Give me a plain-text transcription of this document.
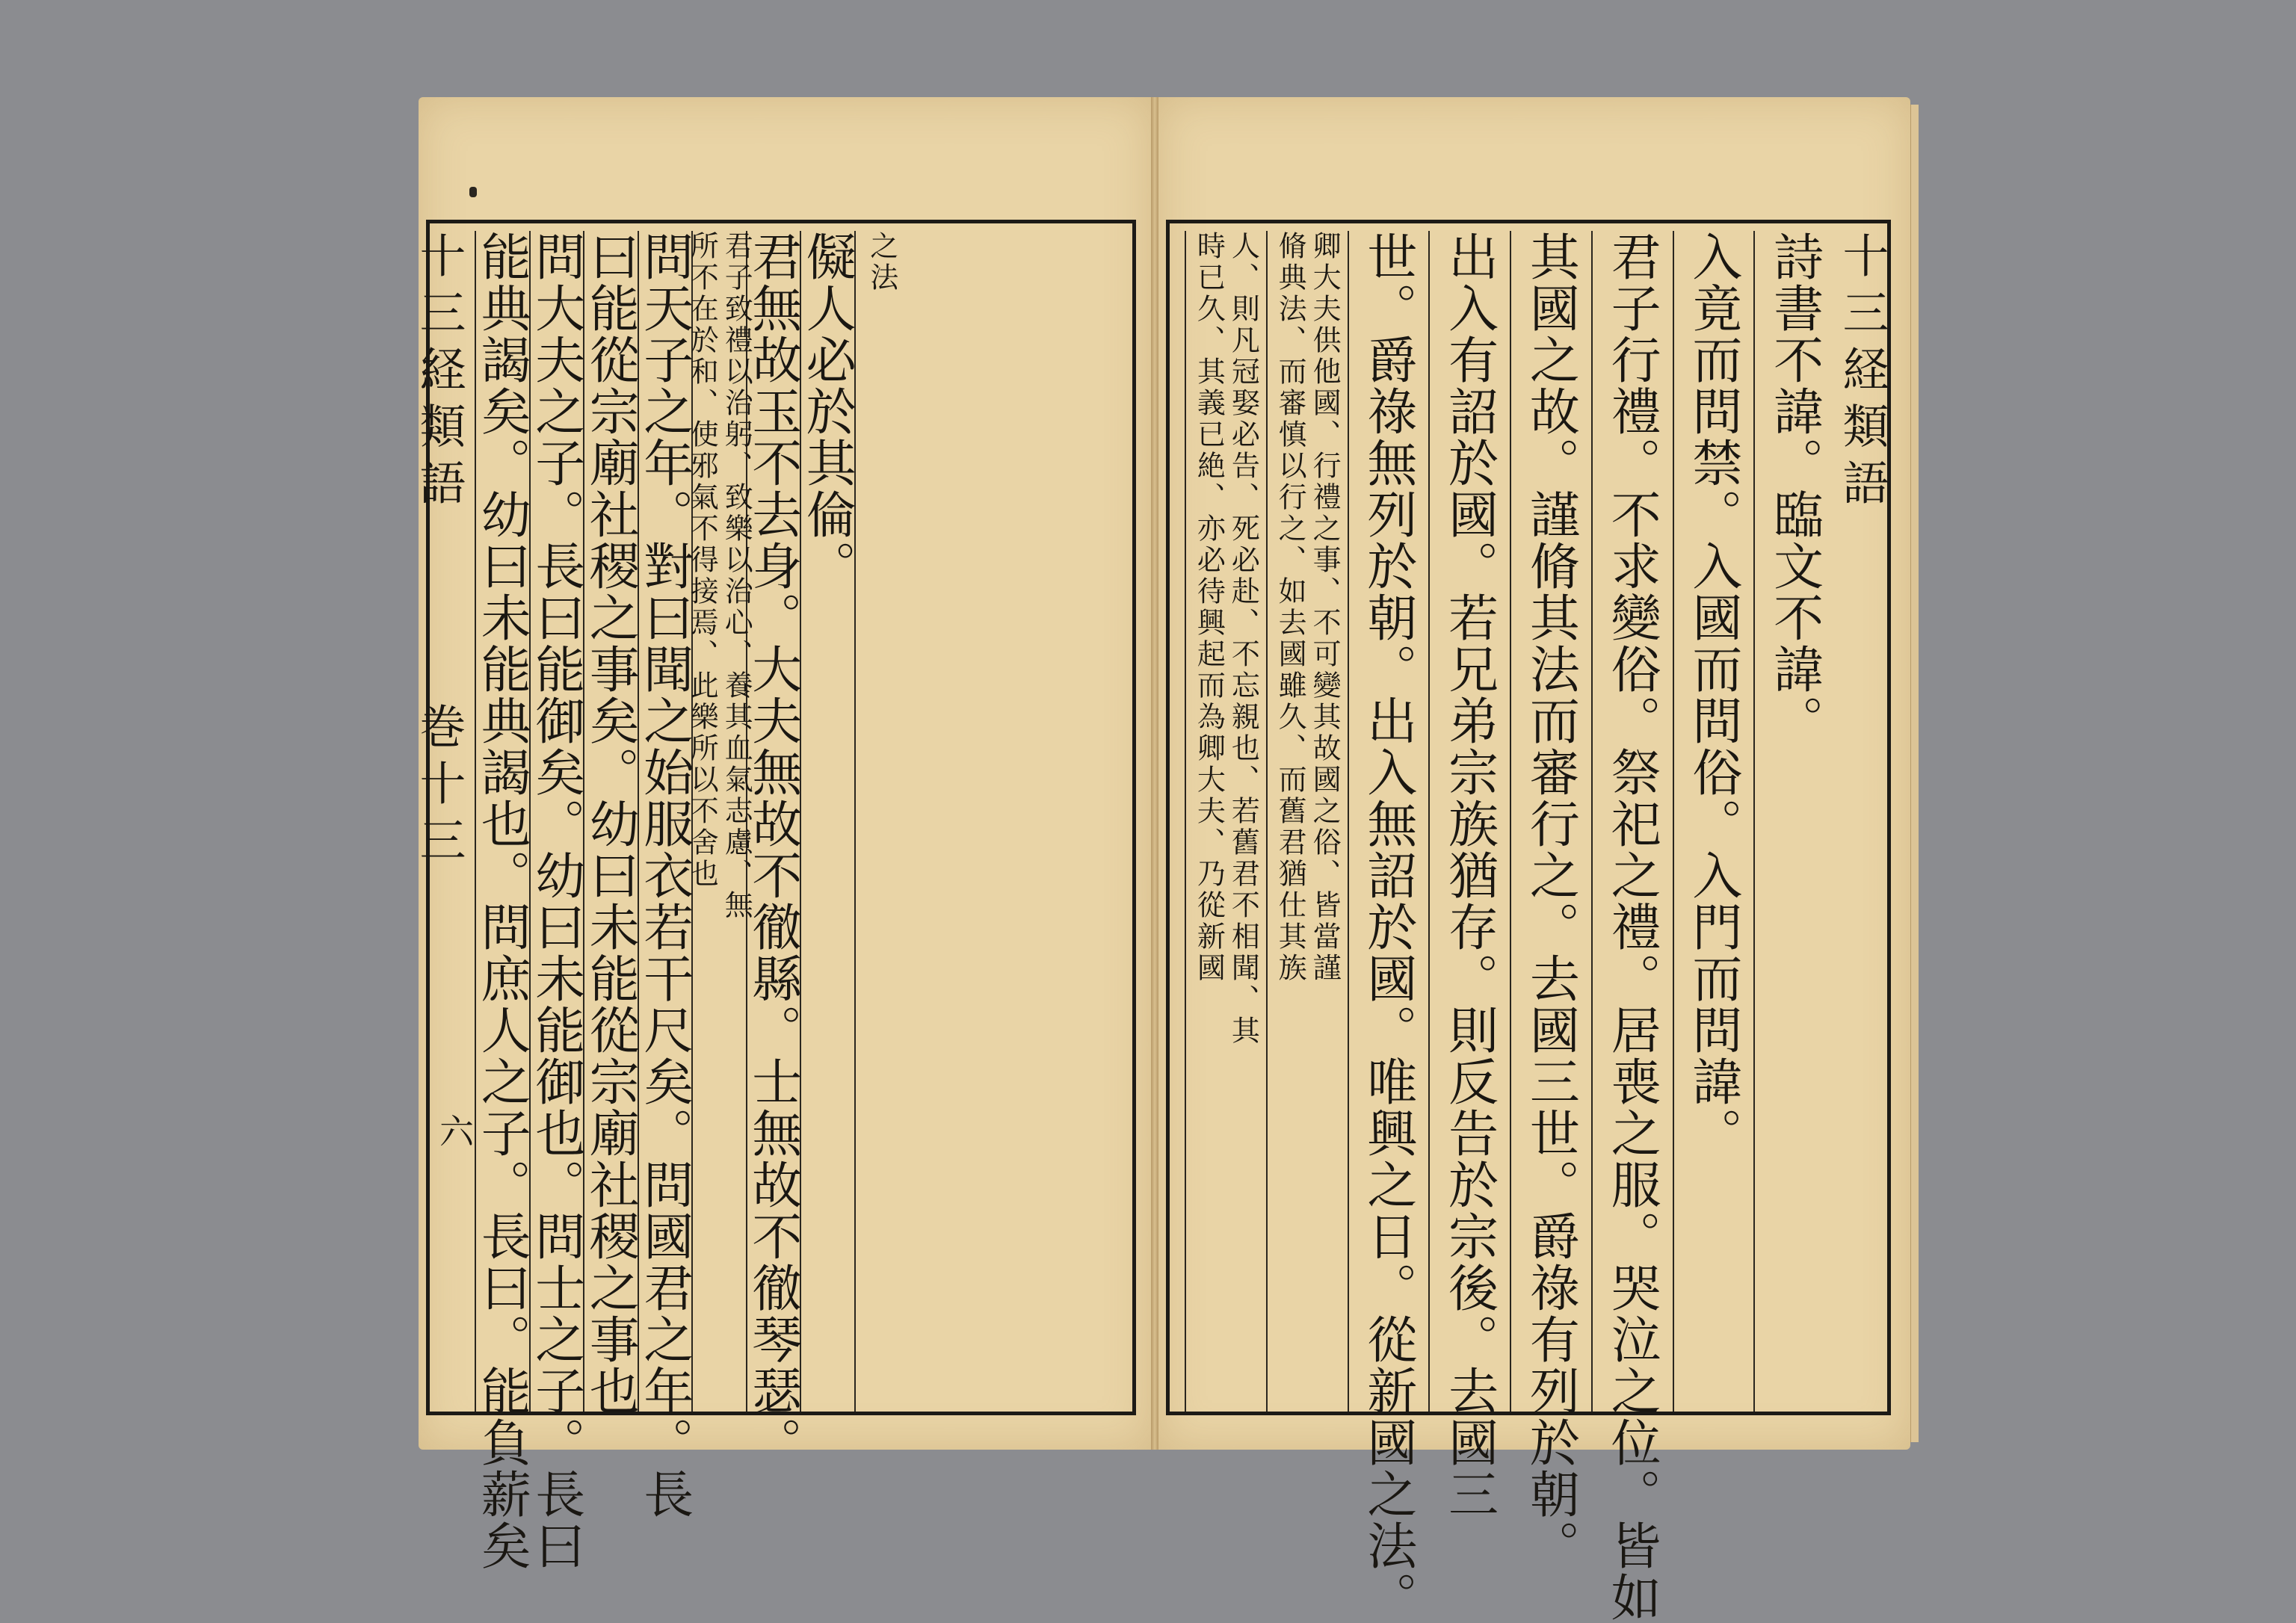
之法
儗人必於其倫。
君無故玉不去身。大夫無故不徹縣。士無故不徹琴瑟。
君子致禮以治躬、致樂以治心、養其血氣志慮、無
所不在於和、使邪氣不得接焉、此樂所以不舍也
問天子之年。對曰聞之始服衣若干尺矣。問國君之年。長
曰能從宗廟社稷之事矣。幼曰未能從宗廟社稷之事也
問大夫之子。長曰能御矣。幼曰未能御也。問士之子。長曰
能典謁矣。幼曰未能典謁也。問庶人之子。長曰。能負薪矣
十三経類語
巻十三
六
詩書不諱。臨文不諱。
入竟而問禁。入國而問俗。入門而問諱。
君子行禮。不求變俗。祭祀之禮。居喪之服。哭泣之位。皆如
其國之故。謹脩其法而審行之。去國三世。爵祿有列於朝。
出入有詔於國。若兄弟宗族猶存。則反告於宗後。去國三
世。爵祿無列於朝。出入無詔於國。唯興之日。從新國之法。
卿大夫供他國、行禮之事、不可變其故國之俗、皆當謹
脩典法、而審慎以行之、如去國雖久、而舊君猶仕其族
人、則凡冠娶必告、死必赴、不忘親也、若舊君不相聞、其
時已久、其義已絶、亦必待興起而為卿大夫、乃從新國	十三経類語
